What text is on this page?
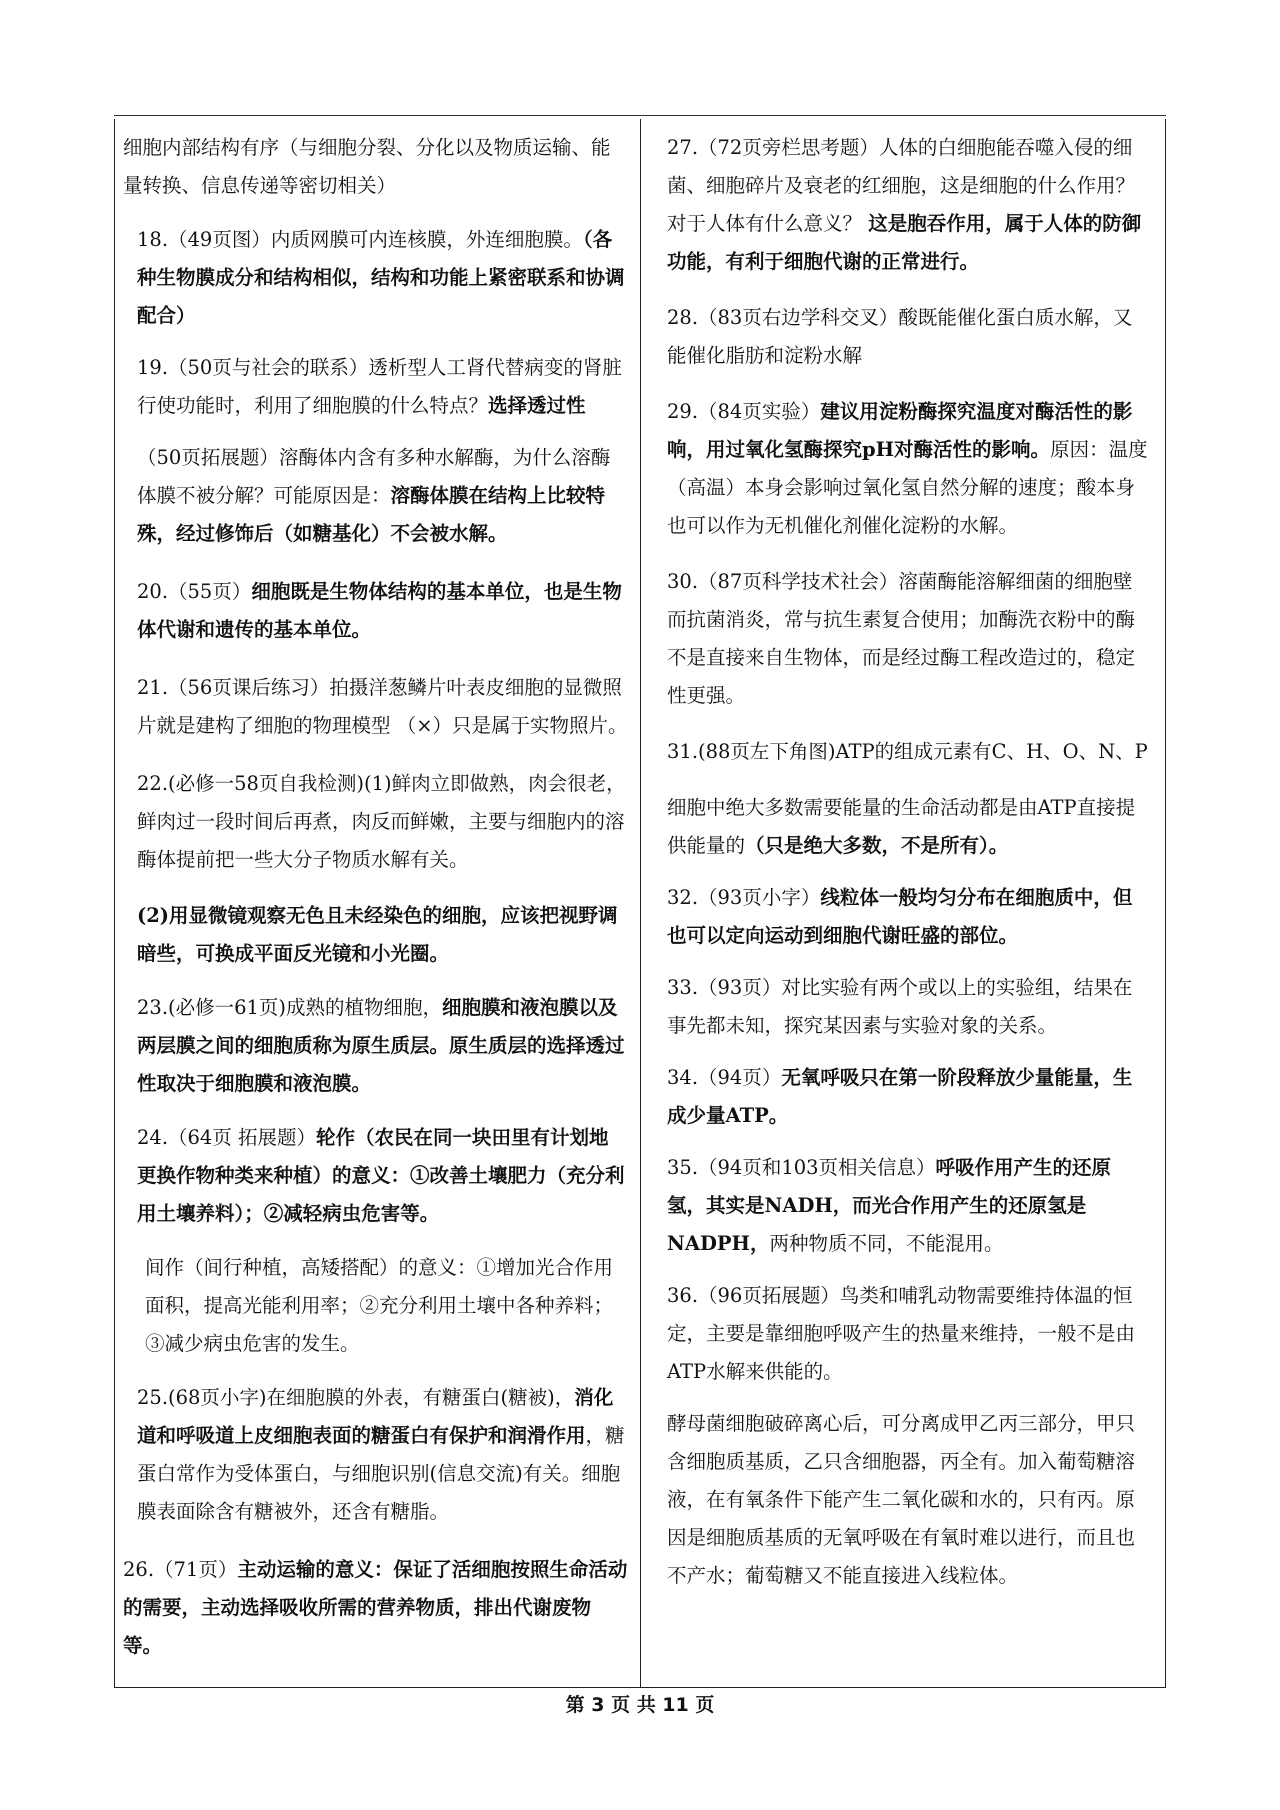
细胞内部结构有序（与细胞分裂、分化以及物质运输、能量转换、信息传递等密切相关）
18.（49页图）内质网膜可内连核膜，外连细胞膜。（各种生物膜成分和结构相似，结构和功能上紧密联系和协调配合）
19.（50页与社会的联系）透析型人工肾代替病变的肾脏行使功能时，利用了细胞膜的什么特点？选择透过性
（50页拓展题）溶酶体内含有多种水解酶，为什么溶酶体膜不被分解？可能原因是：溶酶体膜在结构上比较特殊，经过修饰后（如糖基化）不会被水解。
20.（55页）细胞既是生物体结构的基本单位，也是生物体代谢和遗传的基本单位。
21.（56页课后练习）拍摄洋葱鳞片叶表皮细胞的显微照片就是建构了细胞的物理模型 （×）只是属于实物照片。
22.(必修一58页自我检测)(1)鲜肉立即做熟，肉会很老，鲜肉过一段时间后再煮，肉反而鲜嫩，主要与细胞内的溶酶体提前把一些大分子物质水解有关。
(2)用显微镜观察无色且未经染色的细胞，应该把视野调暗些，可换成平面反光镜和小光圈。
23.(必修一61页)成熟的植物细胞，细胞膜和液泡膜以及两层膜之间的细胞质称为原生质层。原生质层的选择透过性取决于细胞膜和液泡膜。
24.（64页 拓展题）轮作（农民在同一块田里有计划地更换作物种类来种植）的意义：①改善土壤肥力（充分利用土壤养料）；②减轻病虫危害等。
间作（间行种植，高矮搭配）的意义：①增加光合作用面积，提高光能利用率；②充分利用土壤中各种养料；③减少病虫危害的发生。
25.(68页小字)在细胞膜的外表，有糖蛋白(糖被)，消化道和呼吸道上皮细胞表面的糖蛋白有保护和润滑作用，糖蛋白常作为受体蛋白，与细胞识别(信息交流)有关。细胞膜表面除含有糖被外，还含有糖脂。
26.（71页）主动运输的意义：保证了活细胞按照生命活动的需要，主动选择吸收所需的营养物质，排出代谢废物等。
27.（72页旁栏思考题）人体的白细胞能吞噬入侵的细菌、细胞碎片及衰老的红细胞，这是细胞的什么作用？对于人体有什么意义？ 这是胞吞作用，属于人体的防御功能，有利于细胞代谢的正常进行。
28.（83页右边学科交叉）酸既能催化蛋白质水解，又能催化脂肪和淀粉水解
29.（84页实验）建议用淀粉酶探究温度对酶活性的影响，用过氧化氢酶探究pH对酶活性的影响。原因：温度（高温）本身会影响过氧化氢自然分解的速度；酸本身也可以作为无机催化剂催化淀粉的水解。
30.（87页科学技术社会）溶菌酶能溶解细菌的细胞壁而抗菌消炎，常与抗生素复合使用；加酶洗衣粉中的酶不是直接来自生物体，而是经过酶工程改造过的，稳定性更强。
31.(88页左下角图)ATP的组成元素有C、H、O、N、P
细胞中绝大多数需要能量的生命活动都是由ATP直接提供能量的（只是绝大多数，不是所有）。
32.（93页小字）线粒体一般均匀分布在细胞质中，但也可以定向运动到细胞代谢旺盛的部位。
33.（93页）对比实验有两个或以上的实验组，结果在事先都未知，探究某因素与实验对象的关系。
34.（94页）无氧呼吸只在第一阶段释放少量能量，生成少量ATP。
35.（94页和103页相关信息）呼吸作用产生的还原氢，其实是NADH，而光合作用产生的还原氢是NADPH，两种物质不同，不能混用。
36.（96页拓展题）鸟类和哺乳动物需要维持体温的恒定，主要是靠细胞呼吸产生的热量来维持，一般不是由ATP水解来供能的。
酵母菌细胞破碎离心后，可分离成甲乙丙三部分，甲只含细胞质基质，乙只含细胞器，丙全有。加入葡萄糖溶液，在有氧条件下能产生二氧化碳和水的，只有丙。原因是细胞质基质的无氧呼吸在有氧时难以进行，而且也不产水；葡萄糖又不能直接进入线粒体。
第 3 页 共 11 页
